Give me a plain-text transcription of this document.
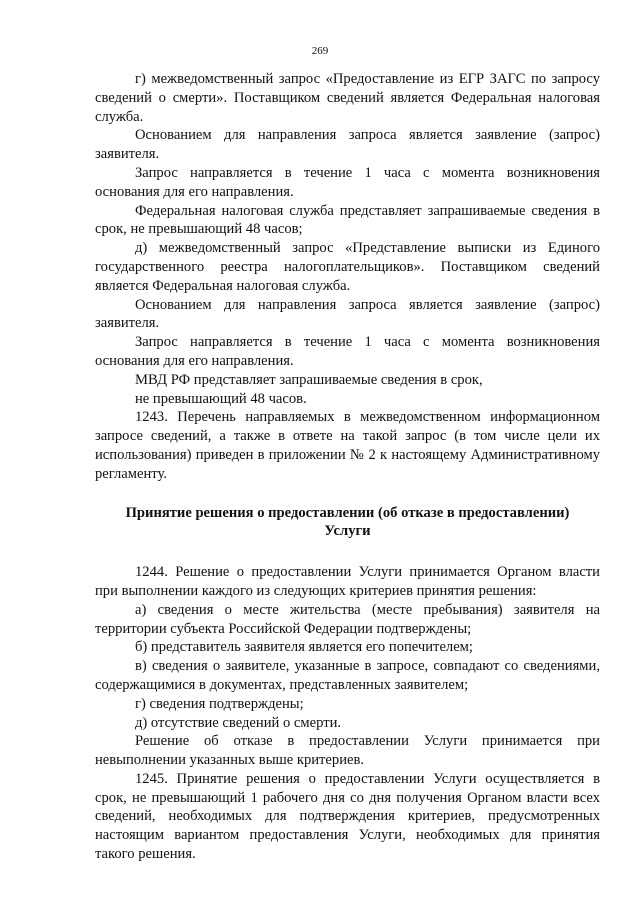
269

г) межведомственный запрос «Предоставление из ЕГР ЗАГС по запросу сведений о смерти». Поставщиком сведений является Федеральная налоговая служба.

Основанием для направления запроса является заявление (запрос) заявителя.

Запрос направляется в течение 1 часа с момента возникновения основания для его направления.

Федеральная налоговая служба представляет запрашиваемые сведения в срок, не превышающий 48 часов;

д) межведомственный запрос «Представление выписки из Единого государственного реестра налогоплательщиков». Поставщиком сведений является Федеральная налоговая служба.

Основанием для направления запроса является заявление (запрос) заявителя.

Запрос направляется в течение 1 часа с момента возникновения основания для его направления.

МВД РФ представляет запрашиваемые сведения в срок,

не превышающий 48 часов.

1243. Перечень направляемых в межведомственном информационном запросе сведений, а также в ответе на такой запрос (в том числе цели их использования) приведен в приложении № 2 к настоящему Административному регламенту.

Принятие решения о предоставлении (об отказе в предоставлении)
Услуги

1244. Решение о предоставлении Услуги принимается Органом власти при выполнении каждого из следующих критериев принятия решения:

а) сведения о месте жительства (месте пребывания) заявителя на территории субъекта Российской Федерации подтверждены;

б) представитель заявителя является его попечителем;

в) сведения о заявителе, указанные в запросе, совпадают со сведениями, содержащимися в документах, представленных заявителем;

г) сведения подтверждены;

д) отсутствие сведений о смерти.

Решение об отказе в предоставлении Услуги принимается при невыполнении указанных выше критериев.

1245. Принятие решения о предоставлении Услуги осуществляется в срок, не превышающий 1 рабочего дня со дня получения Органом власти всех сведений, необходимых для подтверждения критериев, предусмотренных настоящим вариантом предоставления Услуги, необходимых для принятия такого решения.
